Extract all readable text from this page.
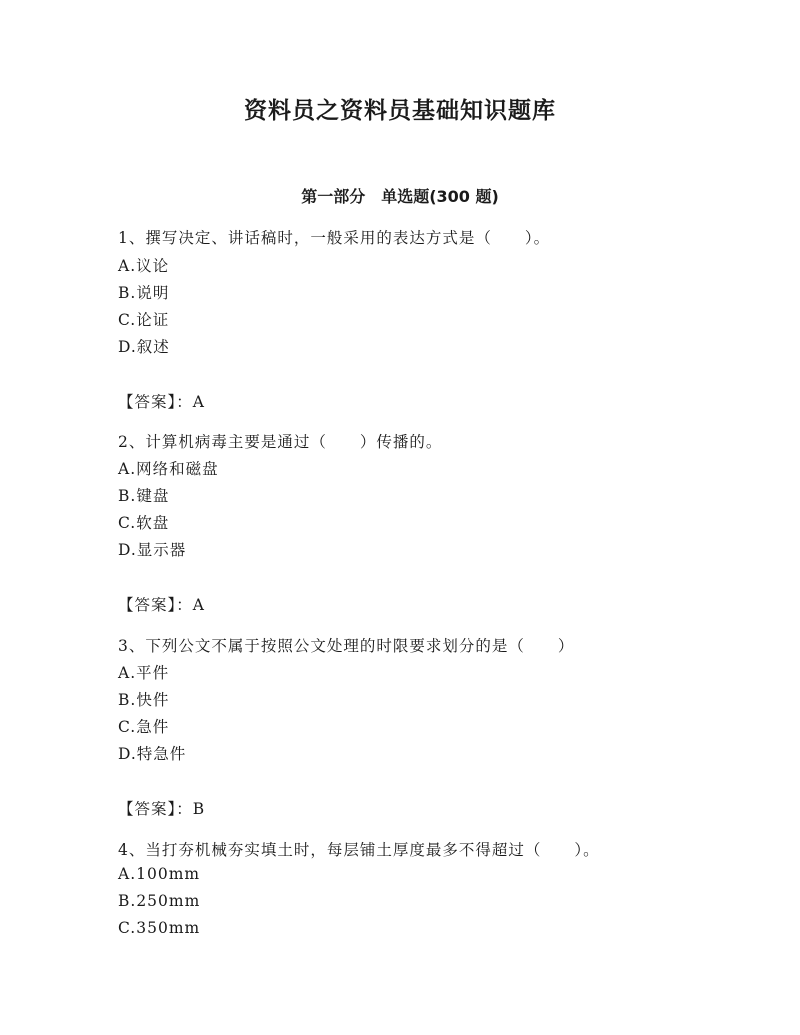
资料员之资料员基础知识题库
第一部分　单选题(300 题)
1、撰写决定、讲话稿时，一般采用的表达方式是（　　）。
A.议论
B.说明
C.论证
D.叙述
【答案】：A
2、计算机病毒主要是通过（　　）传播的。
A.网络和磁盘
B.键盘
C.软盘
D.显示器
【答案】：A
3、下列公文不属于按照公文处理的时限要求划分的是（　　）
A.平件
B.快件
C.急件
D.特急件
【答案】：B
4、当打夯机械夯实填土时，每层铺土厚度最多不得超过（　　）。
A.100mm
B.250mm
C.350mm
